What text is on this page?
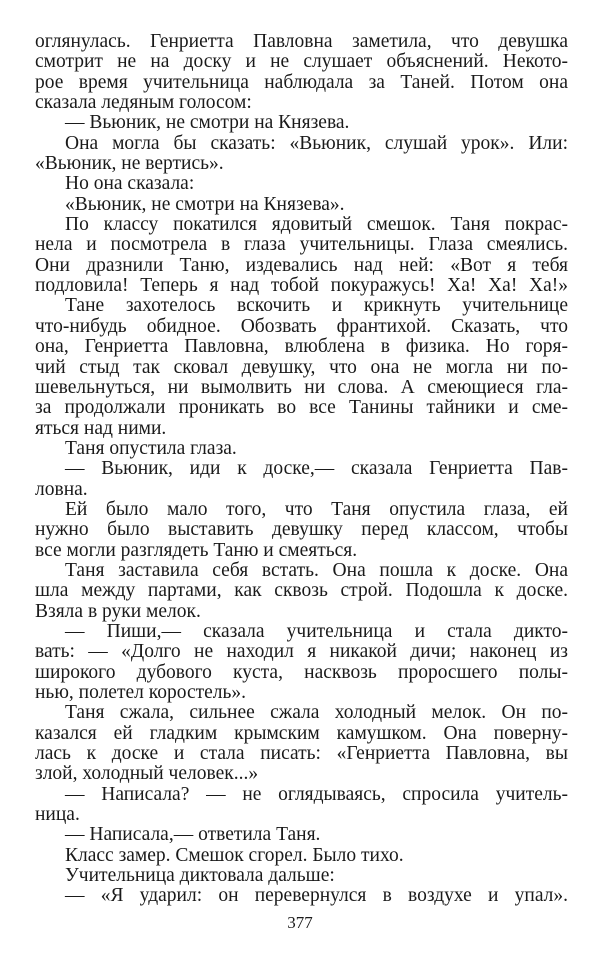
оглянулась. Генриетта Павловна заметила, что девушка
смотрит не на доску и не слушает объяснений. Некото-
рое время учительница наблюдала за Таней. Потом она
сказала ледяным голосом:
— Вьюник, не смотри на Князева.
Она могла бы сказать: «Вьюник, слушай урок». Или:
«Вьюник, не вертись».
Но она сказала:
«Вьюник, не смотри на Князева».
По классу покатился ядовитый смешок. Таня покрас-
нела и посмотрела в глаза учительницы. Глаза смеялись.
Они дразнили Таню, издевались над ней: «Вот я тебя
подловила! Теперь я над тобой покуражусь! Ха! Ха! Ха!»
Тане захотелось вскочить и крикнуть учительнице
что-нибудь обидное. Обозвать франтихой. Сказать, что
она, Генриетта Павловна, влюблена в физика. Но горя-
чий стыд так сковал девушку, что она не могла ни по-
шевельнуться, ни вымолвить ни слова. А смеющиеся гла-
за продолжали проникать во все Танины тайники и сме-
яться над ними.
Таня опустила глаза.
— Вьюник, иди к доске,— сказала Генриетта Пав-
ловна.
Ей было мало того, что Таня опустила глаза, ей
нужно было выставить девушку перед классом, чтобы
все могли разглядеть Таню и смеяться.
Таня заставила себя встать. Она пошла к доске. Она
шла между партами, как сквозь строй. Подошла к доске.
Взяла в руки мелок.
— Пиши,— сказала учительница и стала дикто-
вать: — «Долго не находил я никакой дичи; наконец из
широкого дубового куста, насквозь проросшего полы-
нью, полетел коростель».
Таня сжала, сильнее сжала холодный мелок. Он по-
казался ей гладким крымским камушком. Она поверну-
лась к доске и стала писать: «Генриетта Павловна, вы
злой, холодный человек...»
— Написала? — не оглядываясь, спросила учитель-
ница.
— Написала,— ответила Таня.
Класс замер. Смешок сгорел. Было тихо.
Учительница диктовала дальше:
— «Я ударил: он перевернулся в воздухе и упал».
377
